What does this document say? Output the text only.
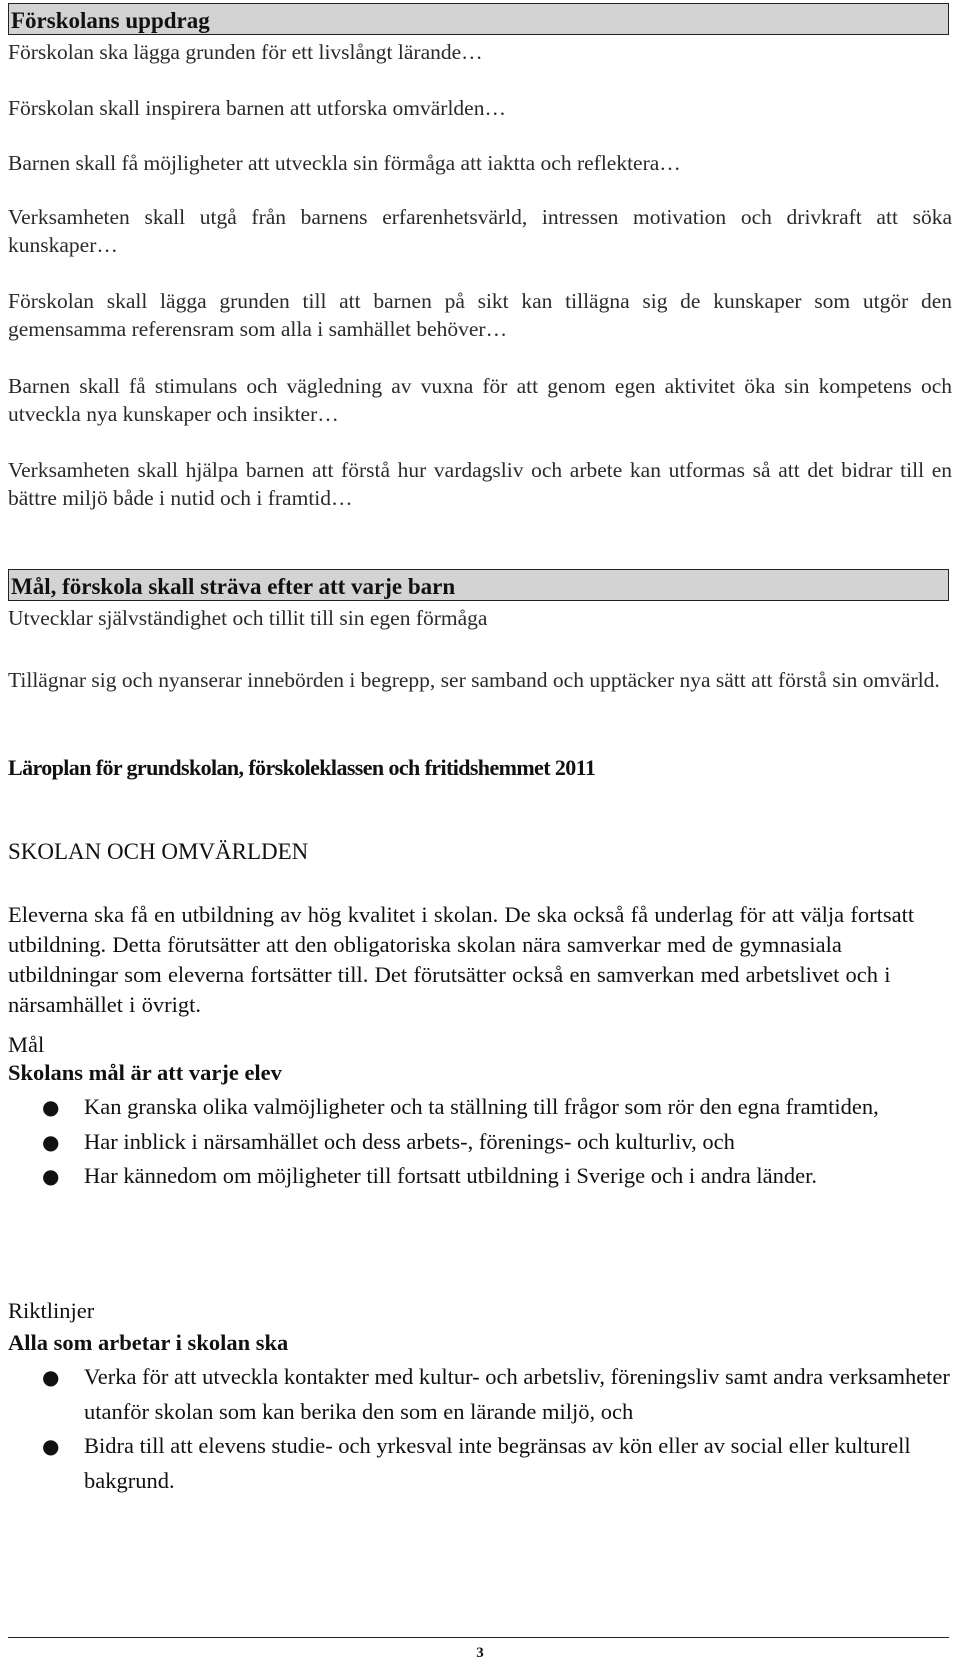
Förskolans uppdrag

Förskolan ska lägga grunden för ett livslångt lärande…

Förskolan skall inspirera barnen att utforska omvärlden…

Barnen skall få möjligheter att utveckla sin förmåga att iaktta och reflektera…

Verksamheten skall utgå från barnens erfarenhetsvärld, intressen motivation och drivkraft att söka kunskaper…

Förskolan skall lägga grunden till att barnen på sikt kan tillägna sig de kunskaper som utgör den gemensamma referensram som alla i samhället behöver…

Barnen skall få stimulans och vägledning av vuxna för att genom egen aktivitet öka sin kompetens och utveckla nya kunskaper och insikter…

Verksamheten skall hjälpa barnen att förstå hur vardagsliv och arbete kan utformas så att det bidrar till en bättre miljö både i nutid och i framtid…

Mål, förskola skall sträva efter att varje barn

Utvecklar självständighet och tillit till sin egen förmåga

Tillägnar sig och nyanserar innebörden i begrepp, ser samband och upptäcker nya sätt att förstå sin omvärld.

Läroplan för grundskolan, förskoleklassen och fritidshemmet 2011

SKOLAN OCH OMVÄRLDEN

Eleverna ska få en utbildning av hög kvalitet i skolan. De ska också få underlag för att välja fortsatt utbildning. Detta förutsätter att den obligatoriska skolan nära samverkar med de gymnasiala utbildningar som eleverna fortsätter till. Det förutsätter också en samverkan med arbetslivet och i närsamhället i övrigt.

Mål

Skolans mål är att varje elev

● Kan granska olika valmöjligheter och ta ställning till frågor som rör den egna framtiden,
● Har inblick i närsamhället och dess arbets-, förenings- och kulturliv, och
● Har kännedom om möjligheter till fortsatt utbildning i Sverige och i andra länder.

Riktlinjer

Alla som arbetar i skolan ska

● Verka för att utveckla kontakter med kultur- och arbetsliv, föreningsliv samt andra verksamheter utanför skolan som kan berika den som en lärande miljö, och
● Bidra till att elevens studie- och yrkesval inte begränsas av kön eller av social eller kulturell bakgrund.
3
